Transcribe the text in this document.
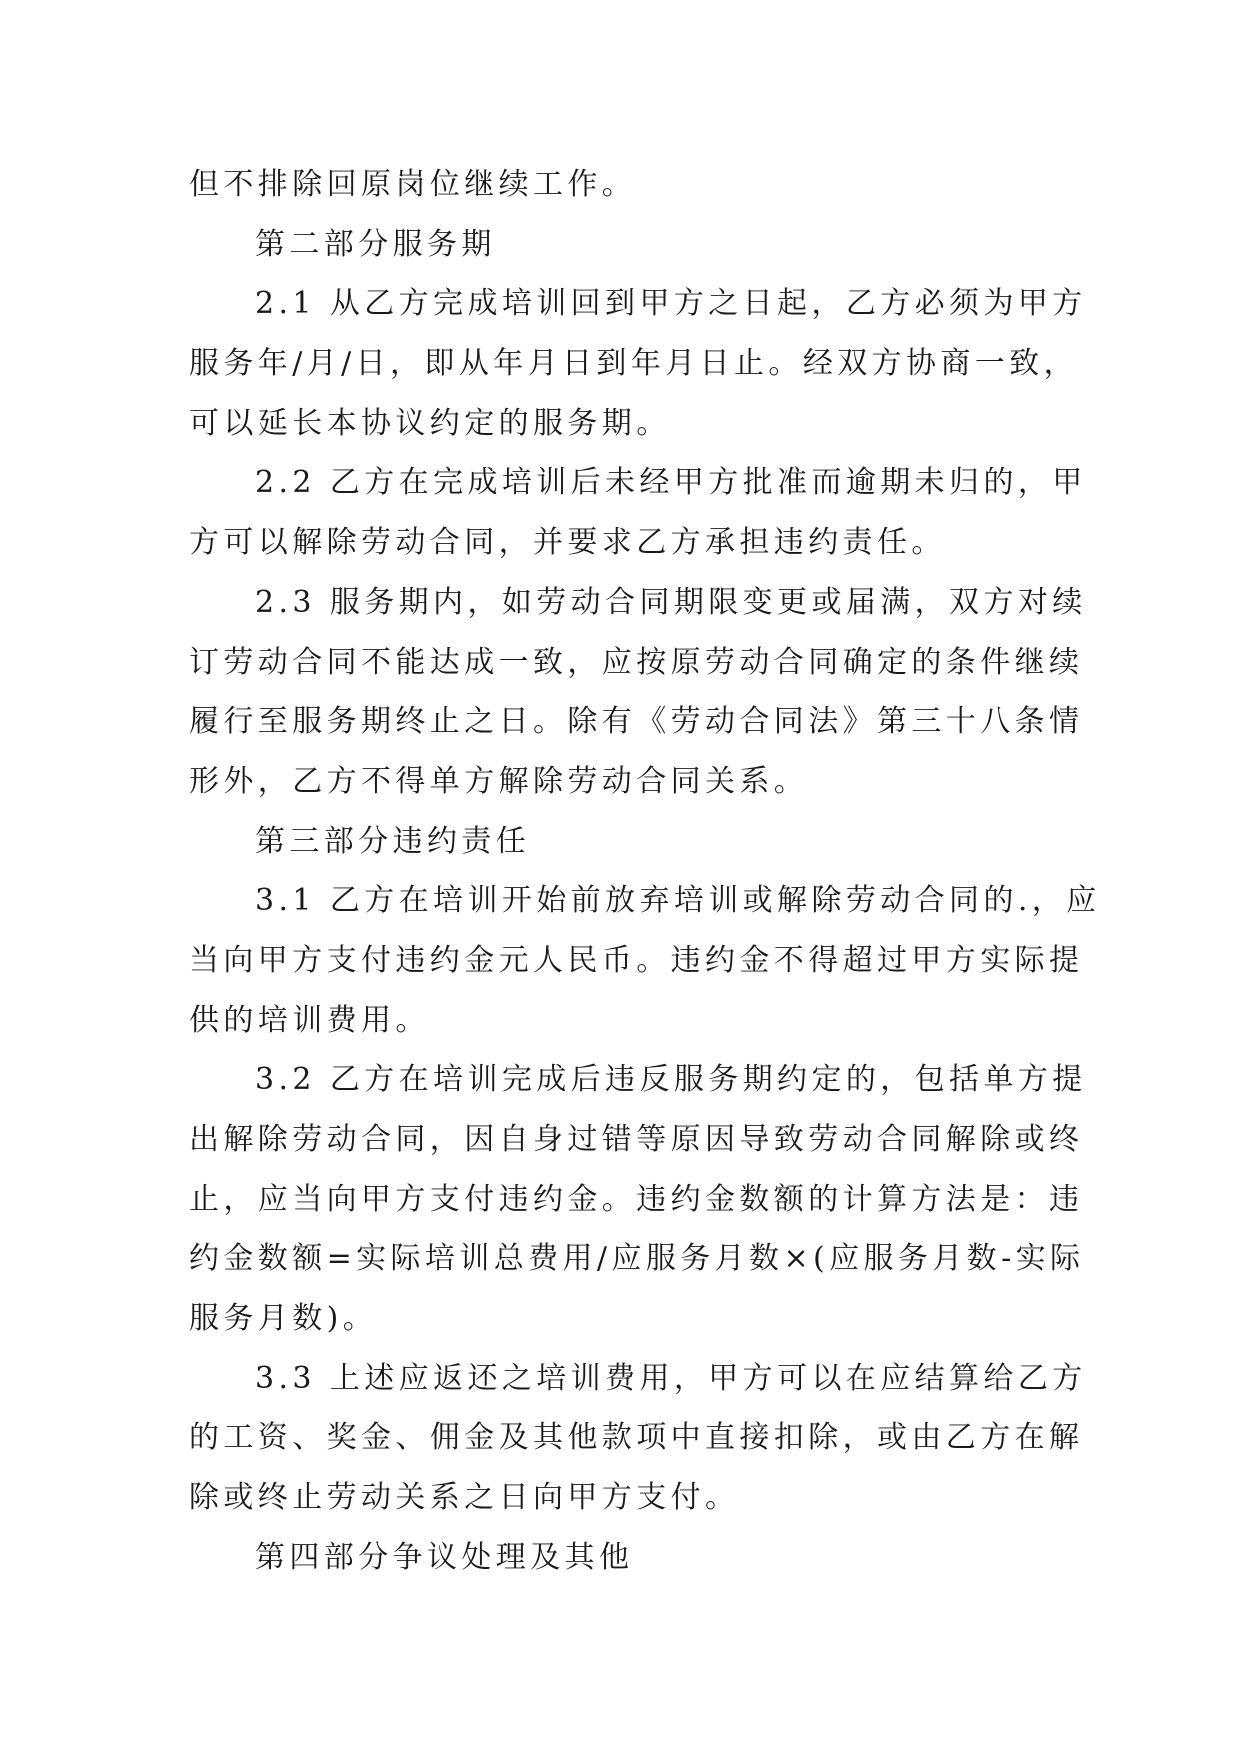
但不排除回原岗位继续工作。
第二部分服务期
2.1 从乙方完成培训回到甲方之日起，乙方必须为甲方
服务年/月/日，即从年月日到年月日止。经双方协商一致，
可以延长本协议约定的服务期。
2.2 乙方在完成培训后未经甲方批准而逾期未归的，甲
方可以解除劳动合同，并要求乙方承担违约责任。
2.3 服务期内，如劳动合同期限变更或届满，双方对续
订劳动合同不能达成一致，应按原劳动合同确定的条件继续
履行至服务期终止之日。除有《劳动合同法》第三十八条情
形外，乙方不得单方解除劳动合同关系。
第三部分违约责任
3.1 乙方在培训开始前放弃培训或解除劳动合同的.，应
当向甲方支付违约金元人民币。违约金不得超过甲方实际提
供的培训费用。
3.2 乙方在培训完成后违反服务期约定的，包括单方提
出解除劳动合同，因自身过错等原因导致劳动合同解除或终
止，应当向甲方支付违约金。违约金数额的计算方法是：违
约金数额=实际培训总费用/应服务月数×(应服务月数-实际
服务月数)。
3.3 上述应返还之培训费用，甲方可以在应结算给乙方
的工资、奖金、佣金及其他款项中直接扣除，或由乙方在解
除或终止劳动关系之日向甲方支付。
第四部分争议处理及其他
